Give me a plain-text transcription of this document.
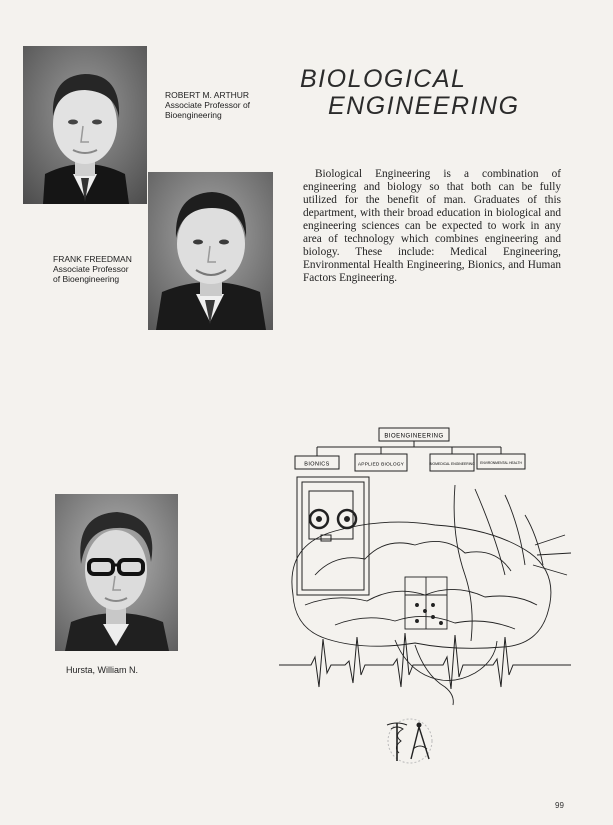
ROBERT M. ARTHUR
Associate Professor of
Bioengineering
FRANK FREEDMAN
Associate Professor
of Bioengineering
BIOLOGICAL
ENGINEERING

Biological Engineering is a combination of engineering and biology so that both can be fully utilized for the benefit of man. Graduates of this department, with their broad education in biological and engineering sciences can be expected to work in any area of technology which combines engineering and biology. These include: Medical Engineering, Environmental Health Engineering, Bionics, and Human Factors Engineering.

Hursta, William N.
BIOENGINEERING
BIONICS	APPLIED BIOLOGY	BIOMEDICAL ENGINEERING ENVIRONMENTAL HEALTH
99
